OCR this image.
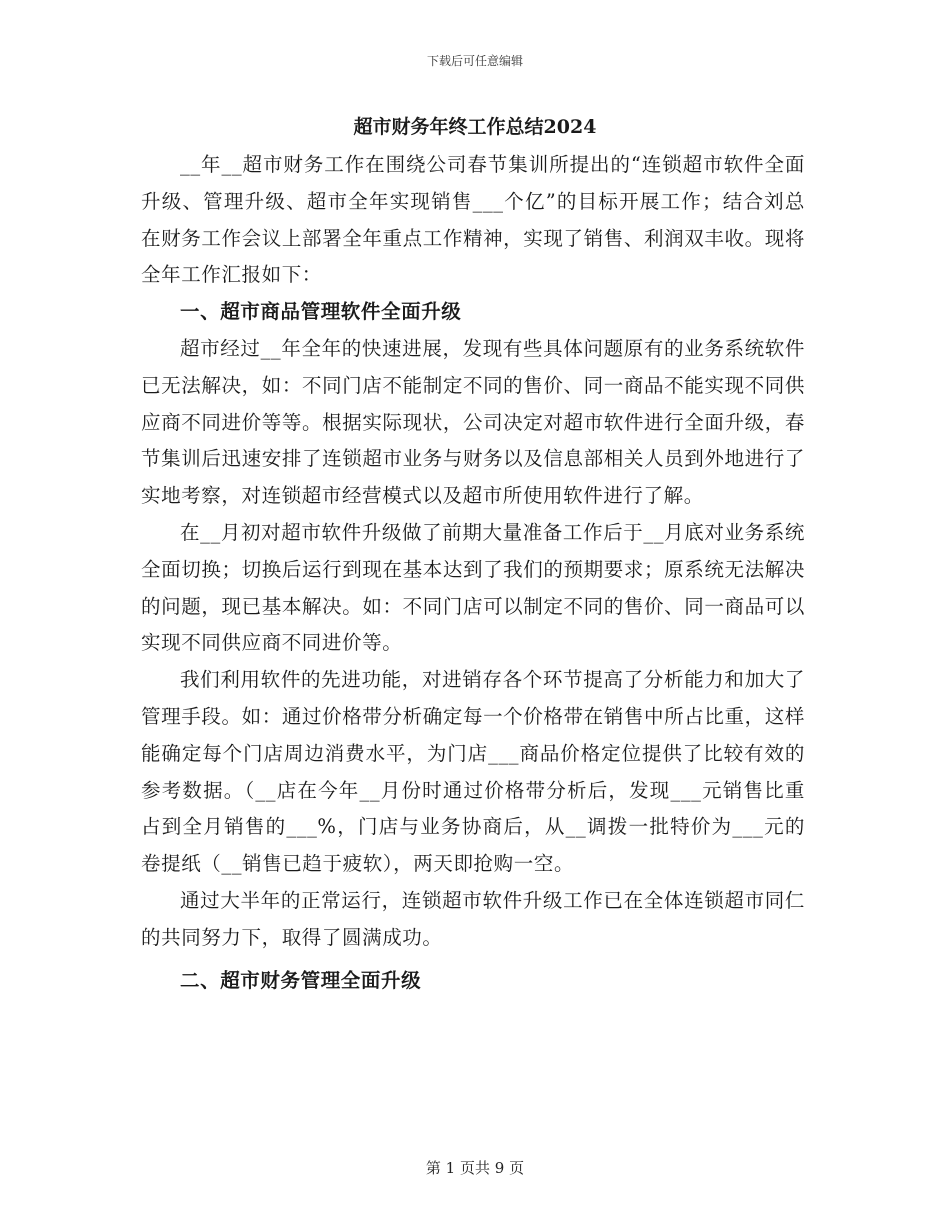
下载后可任意编辑
超市财务年终工作总结2024

__年__超市财务工作在围绕公司春节集训所提出的“连锁超市软件全面升级、管理升级、超市全年实现销售___个亿”的目标开展工作；结合刘总在财务工作会议上部署全年重点工作精神，实现了销售、利润双丰收。现将全年工作汇报如下：

一、超市商品管理软件全面升级

超市经过__年全年的快速进展，发现有些具体问题原有的业务系统软件已无法解决，如：不同门店不能制定不同的售价、同一商品不能实现不同供应商不同进价等等。根据实际现状，公司决定对超市软件进行全面升级，春节集训后迅速安排了连锁超市业务与财务以及信息部相关人员到外地进行了实地考察，对连锁超市经营模式以及超市所使用软件进行了解。

在__月初对超市软件升级做了前期大量准备工作后于__月底对业务系统全面切换；切换后运行到现在基本达到了我们的预期要求；原系统无法解决的问题，现已基本解决。如：不同门店可以制定不同的售价、同一商品可以实现不同供应商不同进价等。

我们利用软件的先进功能，对进销存各个环节提高了分析能力和加大了管理手段。如：通过价格带分析确定每一个价格带在销售中所占比重，这样能确定每个门店周边消费水平，为门店___商品价格定位提供了比较有效的参考数据。（__店在今年__月份时通过价格带分析后，发现___元销售比重占到全月销售的___%，门店与业务协商后，从__调拨一批特价为___元的卷提纸（__销售已趋于疲软），两天即抢购一空。

通过大半年的正常运行，连锁超市软件升级工作已在全体连锁超市同仁的共同努力下，取得了圆满成功。

二、超市财务管理全面升级

第 1 页共 9 页
